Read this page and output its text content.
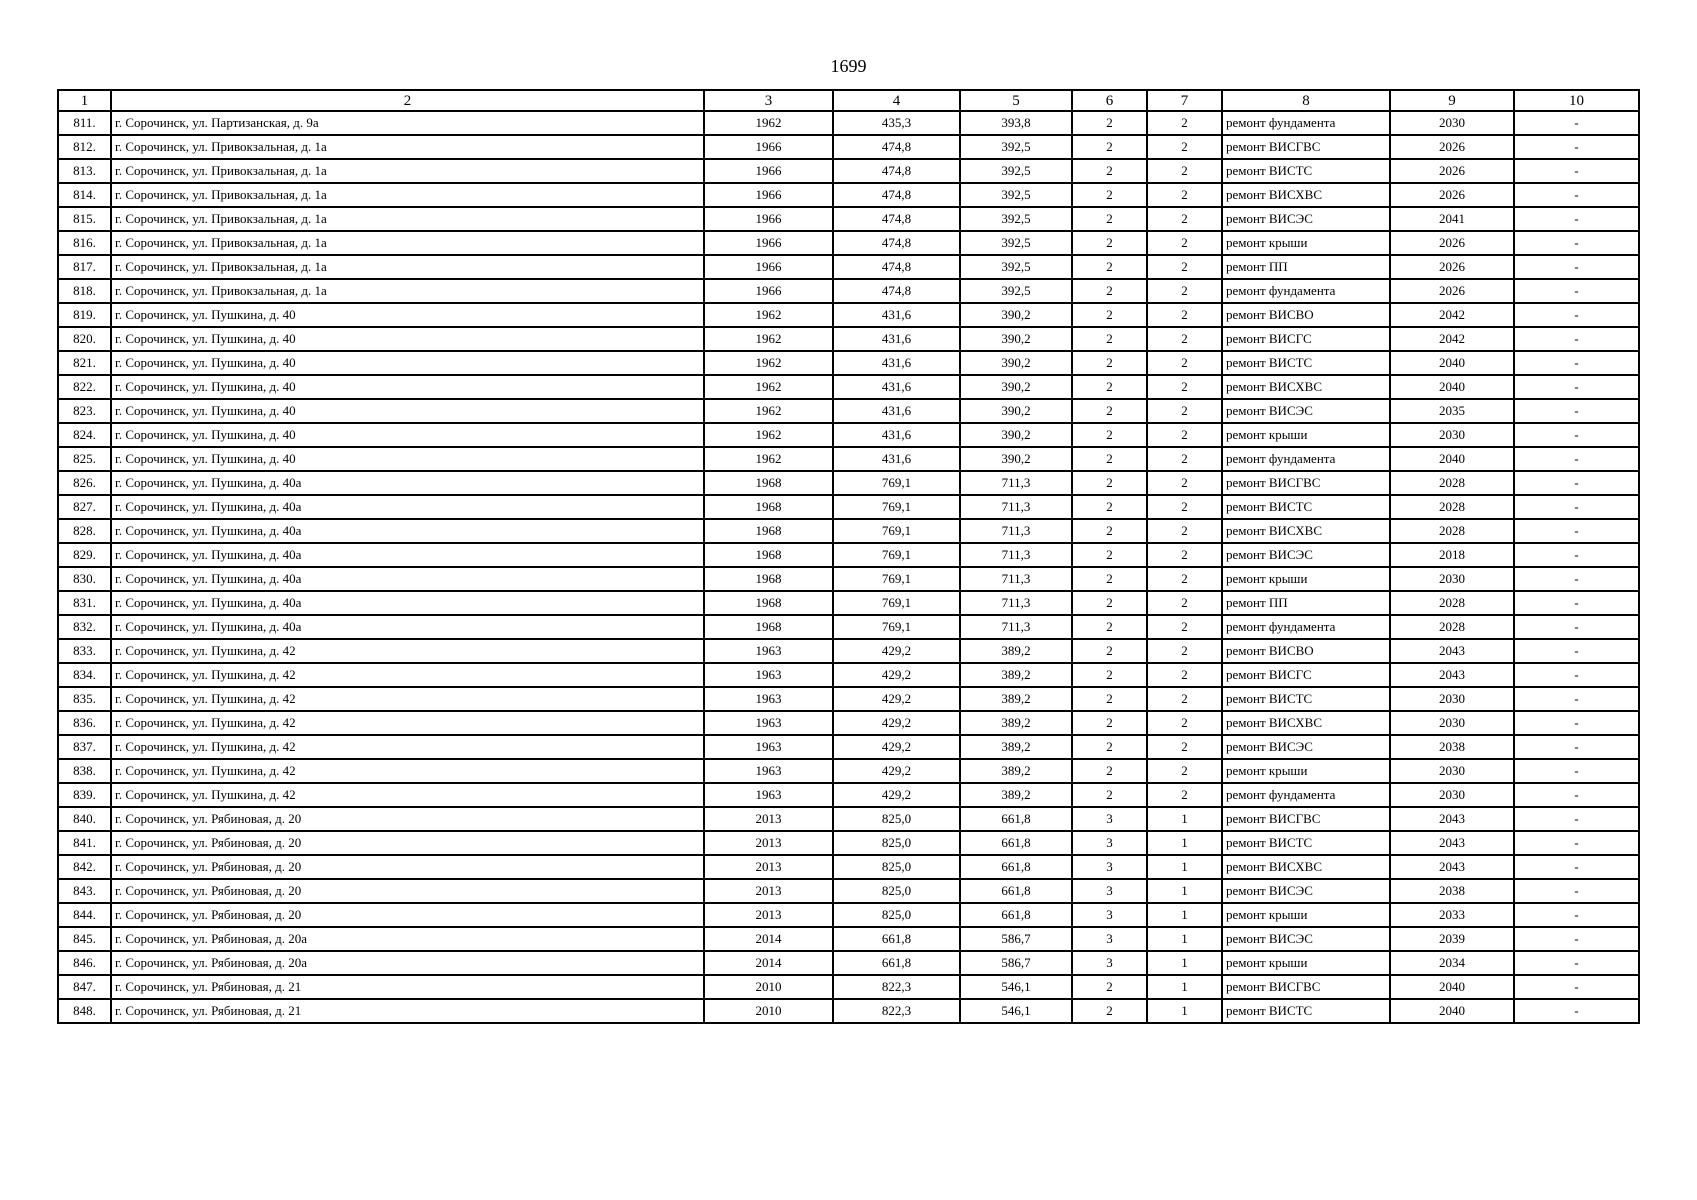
1699
1	2	3	4	5	6	7	8	9	10
811.	г. Сорочинск, ул. Партизанская, д. 9а	1962	435,3	393,8	2	2	ремонт фундамента	2030	-
812.	г. Сорочинск, ул. Привокзальная, д. 1а	1966	474,8	392,5	2	2	ремонт ВИСГВС	2026	-
813.	г. Сорочинск, ул. Привокзальная, д. 1а	1966	474,8	392,5	2	2	ремонт ВИСТС	2026	-
814.	г. Сорочинск, ул. Привокзальная, д. 1а	1966	474,8	392,5	2	2	ремонт ВИСХВС	2026	-
815.	г. Сорочинск, ул. Привокзальная, д. 1а	1966	474,8	392,5	2	2	ремонт ВИСЭС	2041	-
816.	г. Сорочинск, ул. Привокзальная, д. 1а	1966	474,8	392,5	2	2	ремонт крыши	2026	-
817.	г. Сорочинск, ул. Привокзальная, д. 1а	1966	474,8	392,5	2	2	ремонт ПП	2026	-
818.	г. Сорочинск, ул. Привокзальная, д. 1а	1966	474,8	392,5	2	2	ремонт фундамента	2026	-
819.	г. Сорочинск, ул. Пушкина, д. 40	1962	431,6	390,2	2	2	ремонт ВИСВО	2042	-
820.	г. Сорочинск, ул. Пушкина, д. 40	1962	431,6	390,2	2	2	ремонт ВИСГС	2042	-
821.	г. Сорочинск, ул. Пушкина, д. 40	1962	431,6	390,2	2	2	ремонт ВИСТС	2040	-
822.	г. Сорочинск, ул. Пушкина, д. 40	1962	431,6	390,2	2	2	ремонт ВИСХВС	2040	-
823.	г. Сорочинск, ул. Пушкина, д. 40	1962	431,6	390,2	2	2	ремонт ВИСЭС	2035	-
824.	г. Сорочинск, ул. Пушкина, д. 40	1962	431,6	390,2	2	2	ремонт крыши	2030	-
825.	г. Сорочинск, ул. Пушкина, д. 40	1962	431,6	390,2	2	2	ремонт фундамента	2040	-
826.	г. Сорочинск, ул. Пушкина, д. 40а	1968	769,1	711,3	2	2	ремонт ВИСГВС	2028	-
827.	г. Сорочинск, ул. Пушкина, д. 40а	1968	769,1	711,3	2	2	ремонт ВИСТС	2028	-
828.	г. Сорочинск, ул. Пушкина, д. 40а	1968	769,1	711,3	2	2	ремонт ВИСХВС	2028	-
829.	г. Сорочинск, ул. Пушкина, д. 40а	1968	769,1	711,3	2	2	ремонт ВИСЭС	2018	-
830.	г. Сорочинск, ул. Пушкина, д. 40а	1968	769,1	711,3	2	2	ремонт крыши	2030	-
831.	г. Сорочинск, ул. Пушкина, д. 40а	1968	769,1	711,3	2	2	ремонт ПП	2028	-
832.	г. Сорочинск, ул. Пушкина, д. 40а	1968	769,1	711,3	2	2	ремонт фундамента	2028	-
833.	г. Сорочинск, ул. Пушкина, д. 42	1963	429,2	389,2	2	2	ремонт ВИСВО	2043	-
834.	г. Сорочинск, ул. Пушкина, д. 42	1963	429,2	389,2	2	2	ремонт ВИСГС	2043	-
835.	г. Сорочинск, ул. Пушкина, д. 42	1963	429,2	389,2	2	2	ремонт ВИСТС	2030	-
836.	г. Сорочинск, ул. Пушкина, д. 42	1963	429,2	389,2	2	2	ремонт ВИСХВС	2030	-
837.	г. Сорочинск, ул. Пушкина, д. 42	1963	429,2	389,2	2	2	ремонт ВИСЭС	2038	-
838.	г. Сорочинск, ул. Пушкина, д. 42	1963	429,2	389,2	2	2	ремонт крыши	2030	-
839.	г. Сорочинск, ул. Пушкина, д. 42	1963	429,2	389,2	2	2	ремонт фундамента	2030	-
840.	г. Сорочинск, ул. Рябиновая, д. 20	2013	825,0	661,8	3	1	ремонт ВИСГВС	2043	-
841.	г. Сорочинск, ул. Рябиновая, д. 20	2013	825,0	661,8	3	1	ремонт ВИСТС	2043	-
842.	г. Сорочинск, ул. Рябиновая, д. 20	2013	825,0	661,8	3	1	ремонт ВИСХВС	2043	-
843.	г. Сорочинск, ул. Рябиновая, д. 20	2013	825,0	661,8	3	1	ремонт ВИСЭС	2038	-
844.	г. Сорочинск, ул. Рябиновая, д. 20	2013	825,0	661,8	3	1	ремонт крыши	2033	-
845.	г. Сорочинск, ул. Рябиновая, д. 20а	2014	661,8	586,7	3	1	ремонт ВИСЭС	2039	-
846.	г. Сорочинск, ул. Рябиновая, д. 20а	2014	661,8	586,7	3	1	ремонт крыши	2034	-
847.	г. Сорочинск, ул. Рябиновая, д. 21	2010	822,3	546,1	2	1	ремонт ВИСГВС	2040	-
848.	г. Сорочинск, ул. Рябиновая, д. 21	2010	822,3	546,1	2	1	ремонт ВИСТС	2040	-
